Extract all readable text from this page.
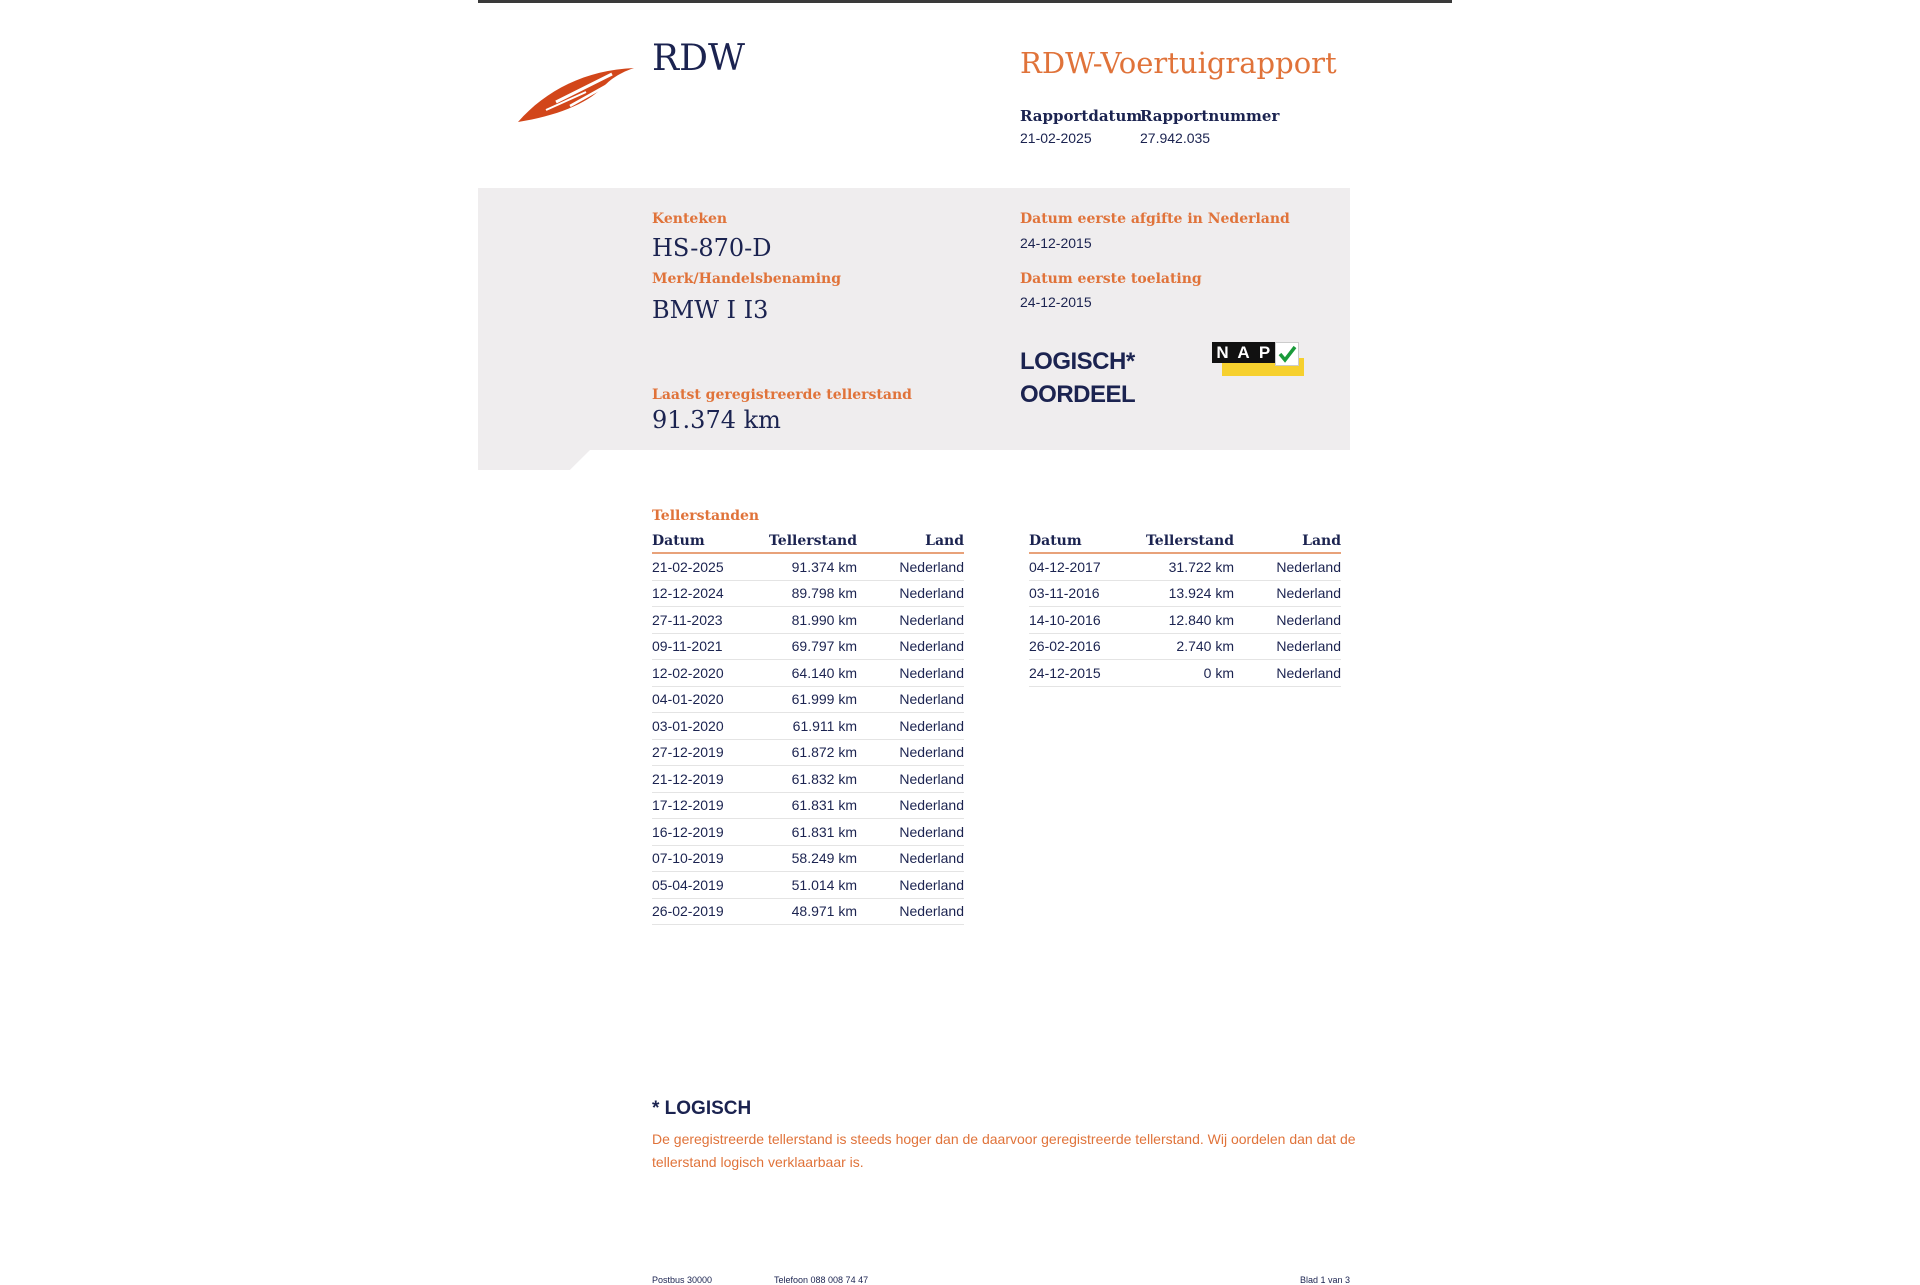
RDW	RDW-Voertuigrapport
Rapportdatum
21-02-2025
Rapportnummer
27.942.035
Kenteken
HS-870-D
Merk/Handelsbenaming
BMW I I3
Datum eerste afgifte in Nederland
24-12-2015
Datum eerste toelating
24-12-2015
LOGISCH*
OORDEEL
N A P
Laatst geregistreerde tellerstand
91.374 km
Tellerstanden
Datum	Tellerstand	Land
21-02-2025	91.374 km	Nederland
12-12-2024	89.798 km	Nederland
27-11-2023	81.990 km	Nederland
09-11-2021	69.797 km	Nederland
12-02-2020	64.140 km	Nederland
04-01-2020	61.999 km	Nederland
03-01-2020	61.911 km	Nederland
27-12-2019	61.872 km	Nederland
21-12-2019	61.832 km	Nederland
17-12-2019	61.831 km	Nederland
16-12-2019	61.831 km	Nederland
07-10-2019	58.249 km	Nederland
05-04-2019	51.014 km	Nederland
26-02-2019	48.971 km	Nederland
Datum	Tellerstand	Land
04-12-2017	31.722 km	Nederland
03-11-2016	13.924 km	Nederland
14-10-2016	12.840 km	Nederland
26-02-2016	2.740 km	Nederland
24-12-2015	0 km	Nederland
* LOGISCH
De geregistreerde tellerstand is steeds hoger dan de daarvoor geregistreerde tellerstand. Wij oordelen dan dat de tellerstand logisch verklaarbaar is.
Postbus 30000	Telefoon 088 008 74 47	Blad 1 van 3
